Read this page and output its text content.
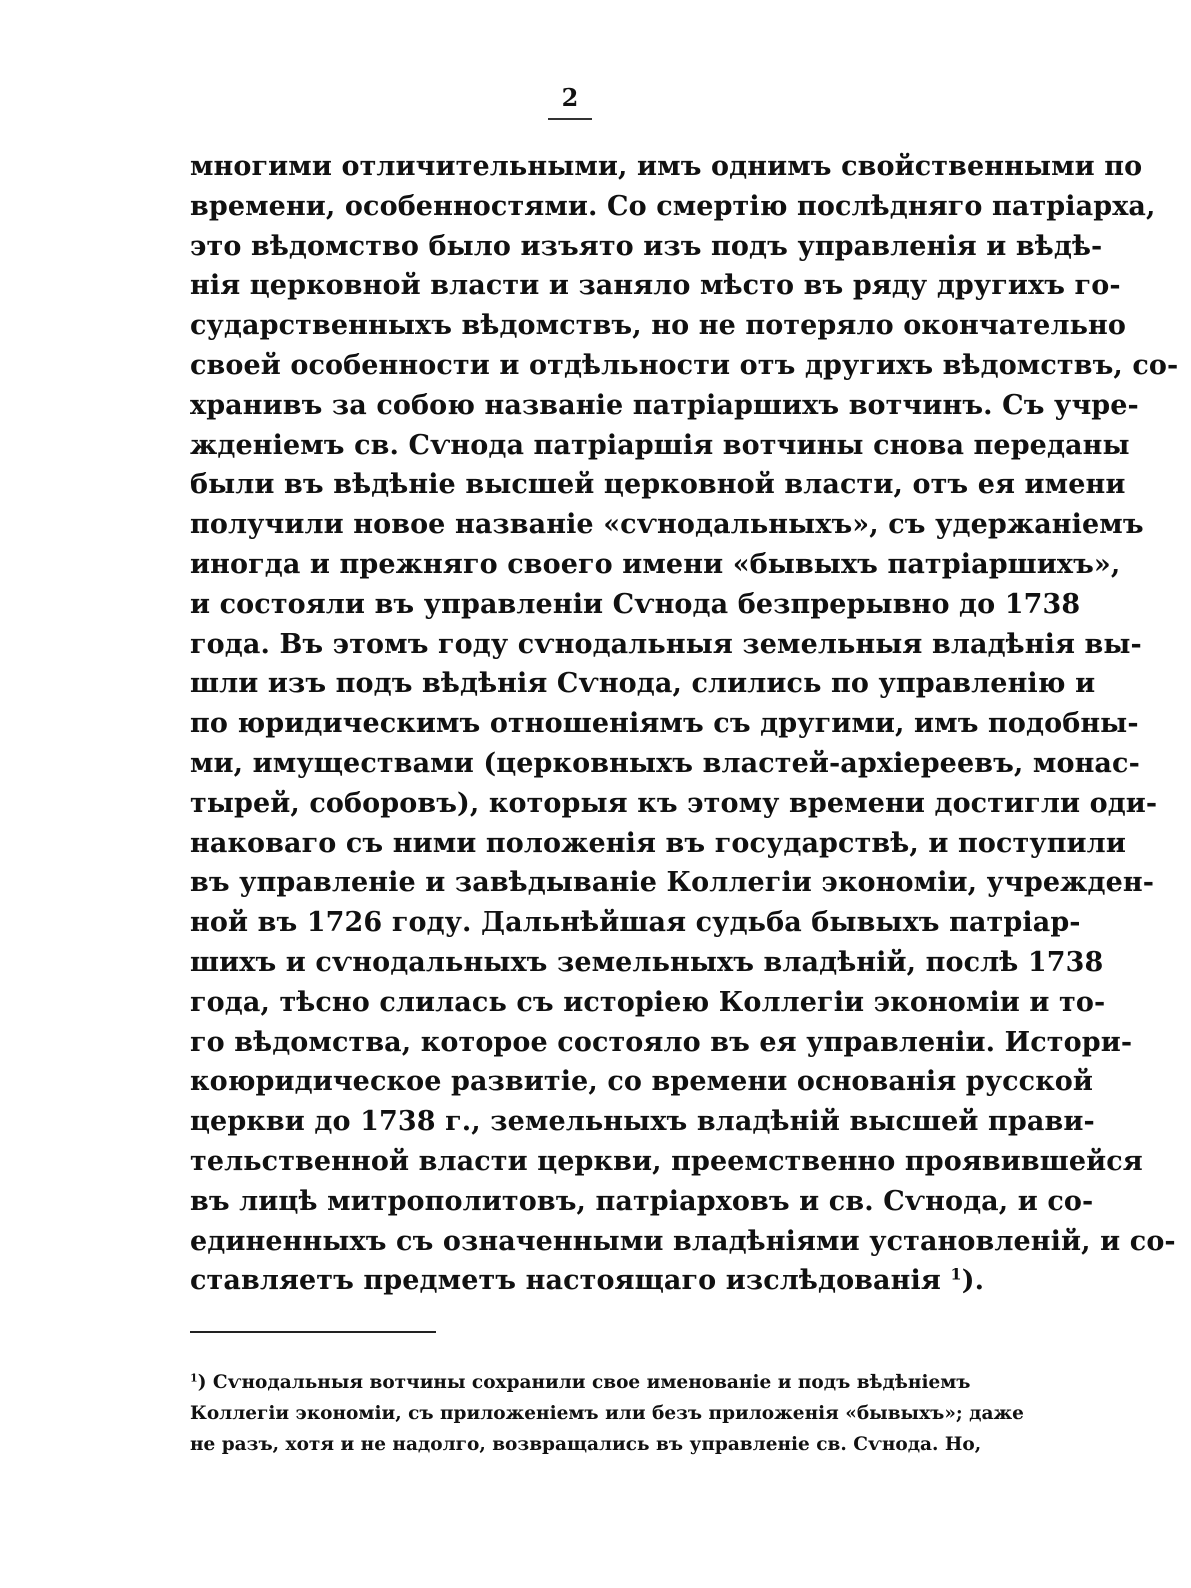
2
многими отличительными, имъ однимъ свойственными по
времени, особенностями. Со смертію послѣдняго патріарха,
это вѣдомство было изъято изъ подъ управленія и вѣдѣ-
нія церковной власти и заняло мѣсто въ ряду другихъ го-
сударственныхъ вѣдомствъ, но не потеряло окончательно
своей особенности и отдѣльности отъ другихъ вѣдомствъ, со-
хранивъ за собою названіе патріаршихъ вотчинъ. Съ учре-
жденіемъ св. Сѵнода патріаршія вотчины снова переданы
были въ вѣдѣніе высшей церковной власти, отъ ея имени
получили новое названіе «сѵнодальныхъ», съ удержаніемъ
иногда и прежняго своего имени «бывыхъ патріаршихъ»,
и состояли въ управленіи Сѵнода безпрерывно до 1738
года. Въ этомъ году сѵнодальныя земельныя владѣнія вы-
шли изъ подъ вѣдѣнія Сѵнода, слились по управленію и
по юридическимъ отношеніямъ съ другими, имъ подобны-
ми, имуществами (церковныхъ властей-архіереевъ, монас-
тырей, соборовъ), которыя къ этому времени достигли оди-
наковаго съ ними положенія въ государствѣ, и поступили
въ управленіе и завѣдываніе Коллегіи экономіи, учрежден-
ной въ 1726 году. Дальнѣйшая судьба бывыхъ патріар-
шихъ и сѵнодальныхъ земельныхъ владѣній, послѣ 1738
года, тѣсно слилась съ исторіею Коллегіи экономіи и то-
го вѣдомства, которое состояло въ ея управленіи. Истори-
коюридическое развитіе, со времени основанія русской
церкви до 1738 г., земельныхъ владѣній высшей прави-
тельственной власти церкви, преемственно проявившейся
въ лицѣ митрополитовъ, патріарховъ и св. Сѵнода, и со-
единенныхъ съ означенными владѣніями установленій, и со-
ставляетъ предметъ настоящаго изслѣдованія $^1$).
$^1$) Сѵнодальныя вотчины сохранили свое именованіе и подъ вѣдѣніемъ
Коллегіи экономіи, съ приложеніемъ или безъ приложенія «бывыхъ»; даже
не разъ, хотя и не надолго, возвращались въ управленіе св. Сѵнода. Но,
